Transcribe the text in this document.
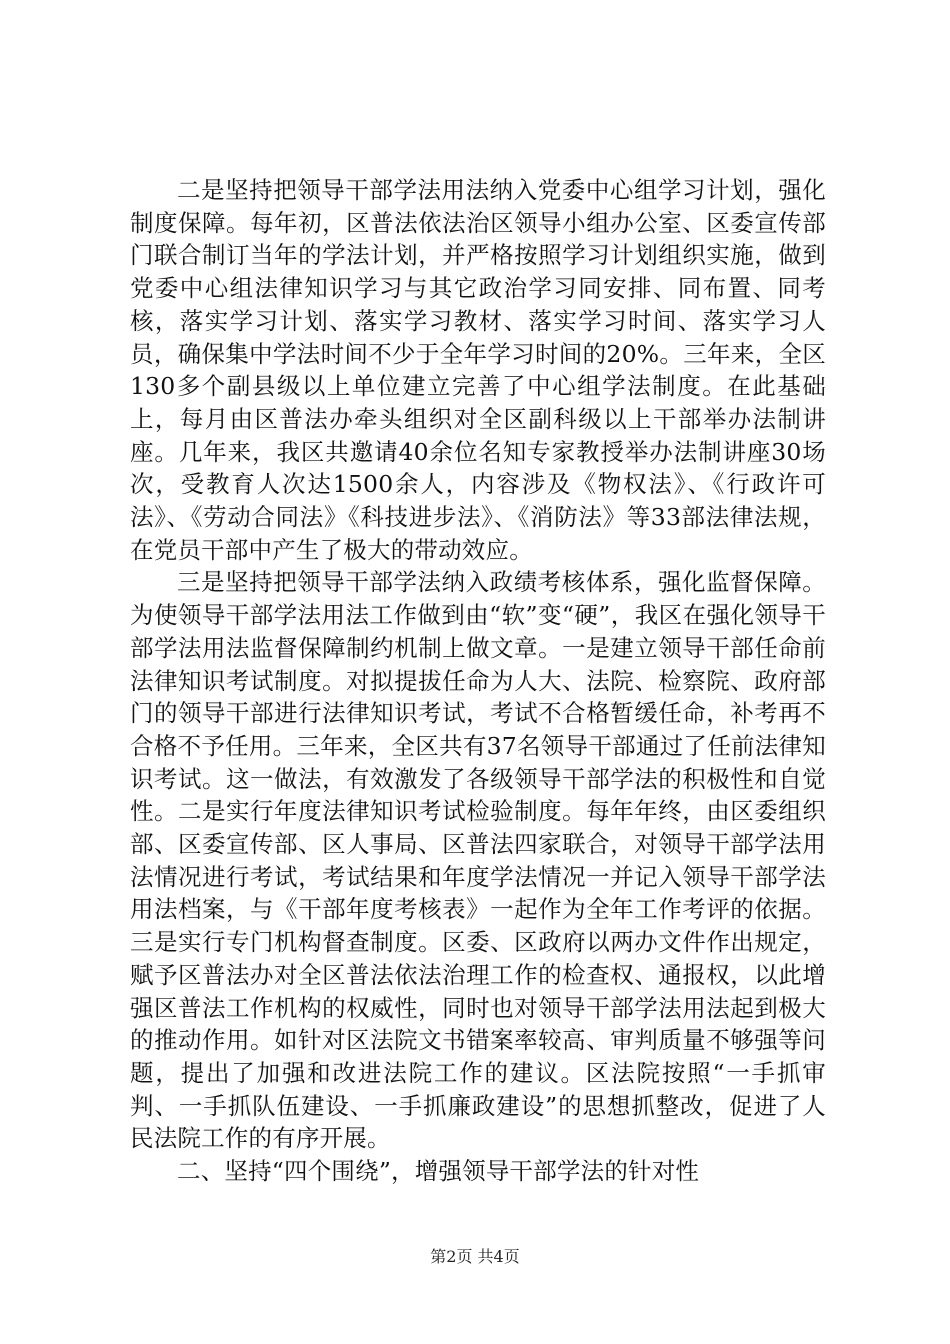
二是坚持把领导干部学法用法纳入党委中心组学习计划，强化制度保障。每年初，区普法依法治区领导小组办公室、区委宣传部门联合制订当年的学法计划，并严格按照学习计划组织实施，做到党委中心组法律知识学习与其它政治学习同安排、同布置、同考核，落实学习计划、落实学习教材、落实学习时间、落实学习人员，确保集中学法时间不少于全年学习时间的20%。三年来，全区130多个副县级以上单位建立完善了中心组学法制度。在此基础上，每月由区普法办牵头组织对全区副科级以上干部举办法制讲座。几年来，我区共邀请40余位名知专家教授举办法制讲座30场次，受教育人次达1500余人，内容涉及《物权法》、《行政许可法》、《劳动合同法》《科技进步法》、《消防法》等33部法律法规，在党员干部中产生了极大的带动效应。

三是坚持把领导干部学法纳入政绩考核体系，强化监督保障。为使领导干部学法用法工作做到由“软”变“硬”，我区在强化领导干部学法用法监督保障制约机制上做文章。一是建立领导干部任命前法律知识考试制度。对拟提拔任命为人大、法院、检察院、政府部门的领导干部进行法律知识考试，考试不合格暂缓任命，补考再不合格不予任用。三年来，全区共有37名领导干部通过了任前法律知识考试。这一做法，有效激发了各级领导干部学法的积极性和自觉性。二是实行年度法律知识考试检验制度。每年年终，由区委组织部、区委宣传部、区人事局、区普法四家联合，对领导干部学法用法情况进行考试，考试结果和年度学法情况一并记入领导干部学法用法档案，与《干部年度考核表》一起作为全年工作考评的依据。三是实行专门机构督查制度。区委、区政府以两办文件作出规定，赋予区普法办对全区普法依法治理工作的检查权、通报权，以此增强区普法工作机构的权威性，同时也对领导干部学法用法起到极大的推动作用。如针对区法院文书错案率较高、审判质量不够强等问题，提出了加强和改进法院工作的建议。区法院按照“一手抓审判、一手抓队伍建设、一手抓廉政建设”的思想抓整改，促进了人民法院工作的有序开展。

二、坚持“四个围绕”，增强领导干部学法的针对性

第2页 共4页
